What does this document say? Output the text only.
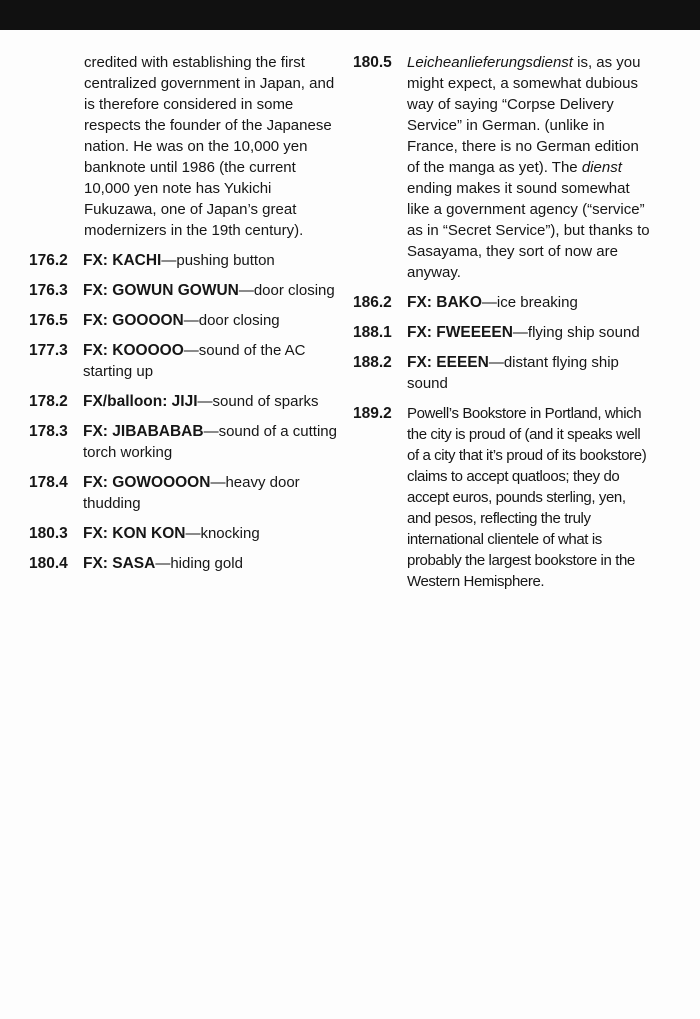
credited with establishing the first centralized government in Japan, and is therefore considered in some respects the founder of the Japanese nation. He was on the 10,000 yen banknote until 1986 (the current 10,000 yen note has Yukichi Fukuzawa, one of Japan’s great modernizers in the 19th century).
176.2 FX: KACHI—pushing button
176.3 FX: GOWUN GOWUN—door closing
176.5 FX: GOOOON—door closing
177.3 FX: KOOOOO—sound of the AC starting up
178.2 FX/balloon: JIJI—sound of sparks
178.3 FX: JIBABABAB—sound of a cutting torch working
178.4 FX: GOWOOOON—heavy door thudding
180.3 FX: KON KON—knocking
180.4 FX: SASA—hiding gold
180.5	Leicheanlieferungsdienst is, as you might expect, a somewhat dubious way of saying “Corpse Delivery Service” in German. (unlike in France, there is no German edition of the manga as yet). The dienst ending makes it sound somewhat like a government agency (“service” as in “Secret Service”), but thanks to Sasayama, they sort of now are anyway.
186.2 FX: BAKO—ice breaking
188.1 FX: FWEEEEN—flying ship sound
188.2 FX: EEEEN—distant flying ship sound
189.2	Powell’s Bookstore in Portland, which the city is proud of (and it speaks well of a city that it’s proud of its bookstore) claims to accept quatloos; they do accept euros, pounds sterling, yen, and pesos, reflecting the truly international clientele of what is probably the largest bookstore in the Western Hemisphere.
